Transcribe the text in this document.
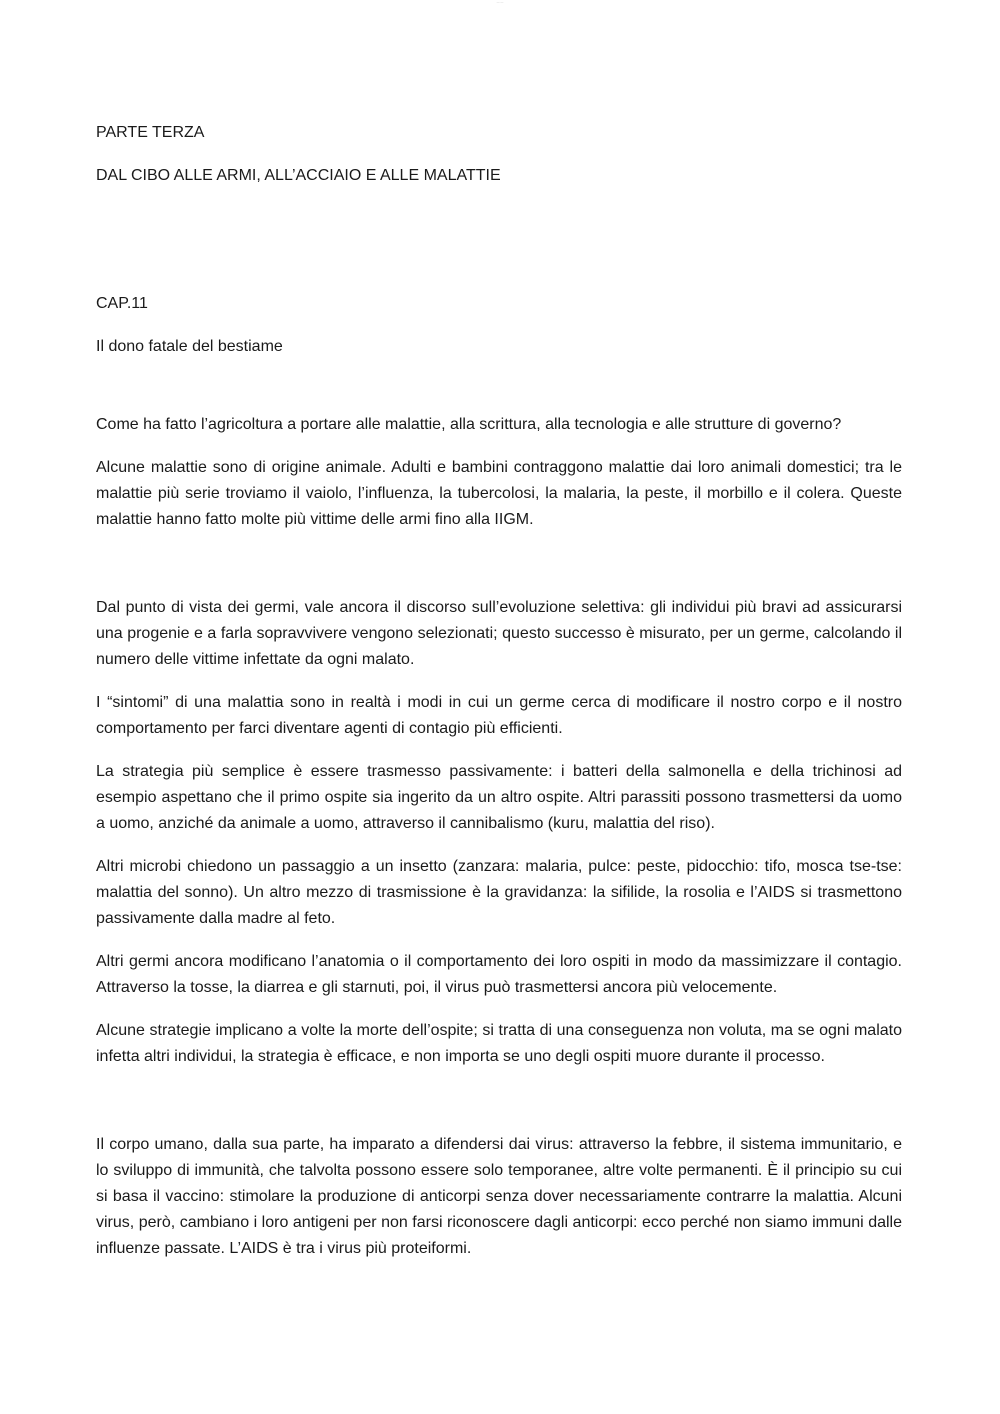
— —
PARTE TERZA
DAL CIBO ALLE ARMI, ALL’ACCIAIO E ALLE MALATTIE
CAP.11
Il dono fatale del bestiame

Come ha fatto l’agricoltura a portare alle malattie, alla scrittura, alla tecnologia e alle strutture di governo?

Alcune malattie sono di origine animale. Adulti e bambini contraggono malattie dai loro animali domestici; tra le malattie più serie troviamo il vaiolo, l’influenza, la tubercolosi, la malaria, la peste, il morbillo e il colera. Queste malattie hanno fatto molte più vittime delle armi fino alla IIGM.

Dal punto di vista dei germi, vale ancora il discorso sull’evoluzione selettiva: gli individui più bravi ad assicurarsi una progenie e a farla sopravvivere vengono selezionati; questo successo è misurato, per un germe, calcolando il numero delle vittime infettate da ogni malato.

I “sintomi” di una malattia sono in realtà i modi in cui un germe cerca di modificare il nostro corpo e il nostro comportamento per farci diventare agenti di contagio più efficienti.

La strategia più semplice è essere trasmesso passivamente: i batteri della salmonella e della trichinosi ad esempio aspettano che il primo ospite sia ingerito da un altro ospite. Altri parassiti possono trasmettersi da uomo a uomo, anziché da animale a uomo, attraverso il cannibalismo (kuru, malattia del riso).

Altri microbi chiedono un passaggio a un insetto (zanzara: malaria, pulce: peste, pidocchio: tifo, mosca tse-tse: malattia del sonno). Un altro mezzo di trasmissione è la gravidanza: la sifilide, la rosolia e l’AIDS si trasmettono passivamente dalla madre al feto.

Altri germi ancora modificano l’anatomia o il comportamento dei loro ospiti in modo da massimizzare il contagio. Attraverso la tosse, la diarrea e gli starnuti, poi, il virus può trasmettersi ancora più velocemente.

Alcune strategie implicano a volte la morte dell’ospite; si tratta di una conseguenza non voluta, ma se ogni malato infetta altri individui, la strategia è efficace, e non importa se uno degli ospiti muore durante il processo.

Il corpo umano, dalla sua parte, ha imparato a difendersi dai virus: attraverso la febbre, il sistema immunitario, e lo sviluppo di immunità, che talvolta possono essere solo temporanee, altre volte permanenti. È il principio su cui si basa il vaccino: stimolare la produzione di anticorpi senza dover necessariamente contrarre la malattia. Alcuni virus, però, cambiano i loro antigeni per non farsi riconoscere dagli anticorpi: ecco perché non siamo immuni dalle influenze passate. L’AIDS è tra i virus più proteiformi.
